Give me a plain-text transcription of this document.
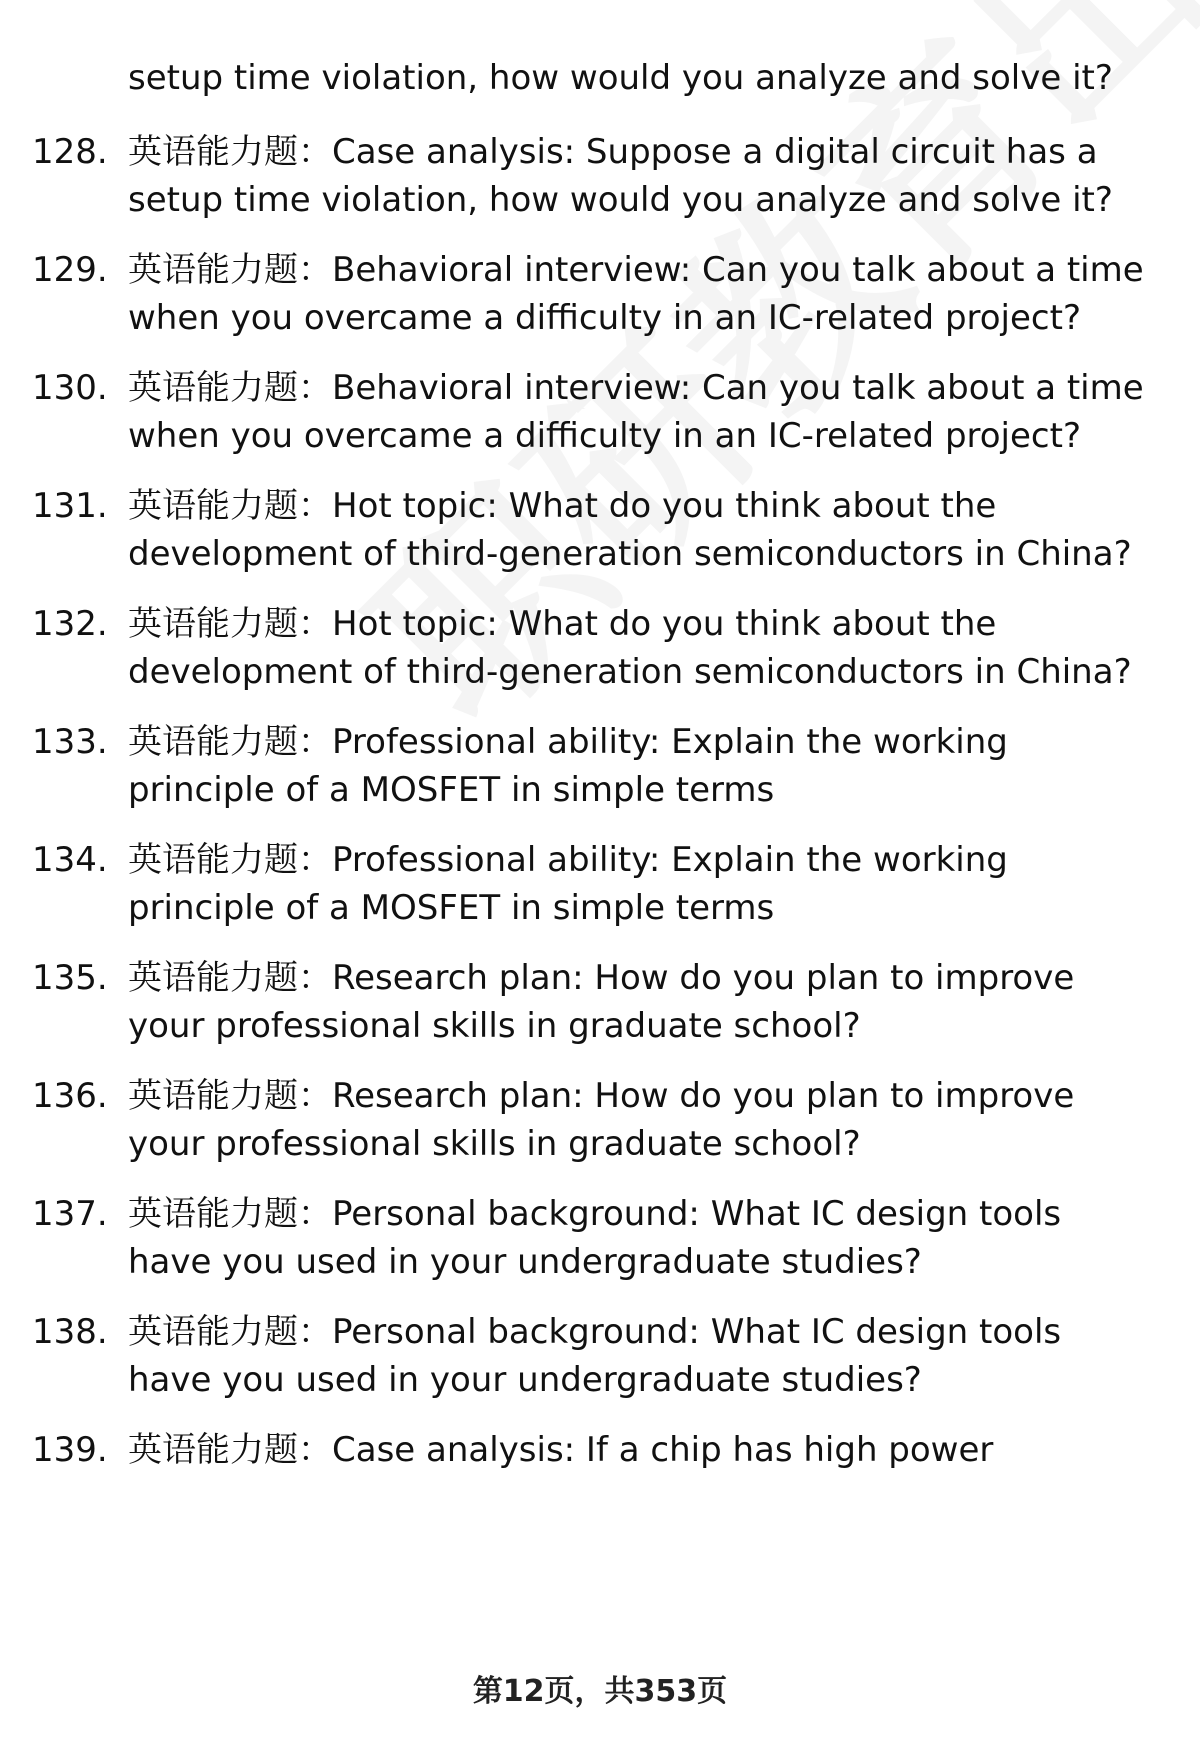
setup time violation, how would you analyze and solve it?
128. 英语能力题：Case analysis: Suppose a digital circuit has a
setup time violation, how would you analyze and solve it?
129. 英语能力题：Behavioral interview: Can you talk about a time
when you overcame a difficulty in an IC-related project?
130. 英语能力题：Behavioral interview: Can you talk about a time
when you overcame a difficulty in an IC-related project?
131. 英语能力题：Hot topic: What do you think about the
development of third-generation semiconductors in China?
132. 英语能力题：Hot topic: What do you think about the
development of third-generation semiconductors in China?
133. 英语能力题：Professional ability: Explain the working
principle of a MOSFET in simple terms
134. 英语能力题：Professional ability: Explain the working
principle of a MOSFET in simple terms
135. 英语能力题：Research plan: How do you plan to improve
your professional skills in graduate school?
136. 英语能力题：Research plan: How do you plan to improve
your professional skills in graduate school?
137. 英语能力题：Personal background: What IC design tools
have you used in your undergraduate studies?
138. 英语能力题：Personal background: What IC design tools
have you used in your undergraduate studies?
139. 英语能力题：Case analysis: If a chip has high power
第12页，共353页
